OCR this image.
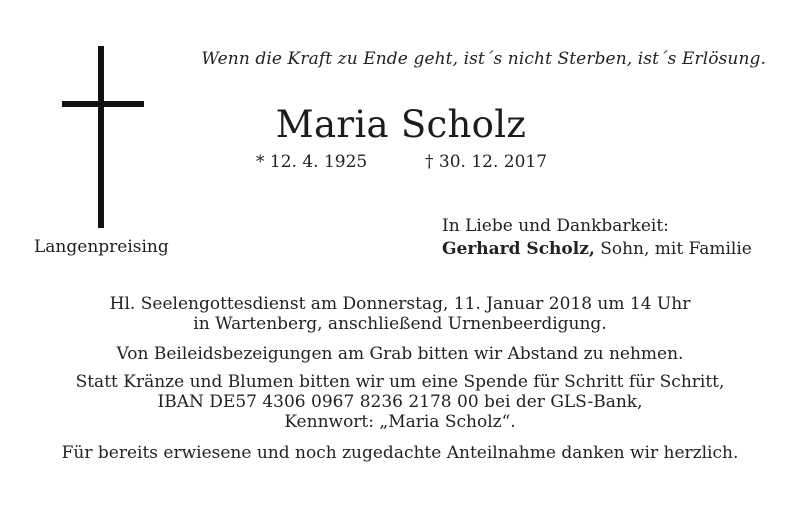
Wenn die Kraft zu Ende geht, ist´s nicht Sterben, ist´s Erlösung.
Maria Scholz
* 12. 4. 1925	† 30. 12. 2017
Langenpreising
In Liebe und Dankbarkeit:
Gerhard Scholz, Sohn, mit Familie
Hl. Seelengottesdienst am Donnerstag, 11. Januar 2018 um 14 Uhr
in Wartenberg, anschließend Urnenbeerdigung.
Von Beileidsbezeigungen am Grab bitten wir Abstand zu nehmen.
Statt Kränze und Blumen bitten wir um eine Spende für Schritt für Schritt,
IBAN DE57 4306 0967 8236 2178 00 bei der GLS-Bank,
Kennwort: „Maria Scholz“.
Für bereits erwiesene und noch zugedachte Anteilnahme danken wir herzlich.
